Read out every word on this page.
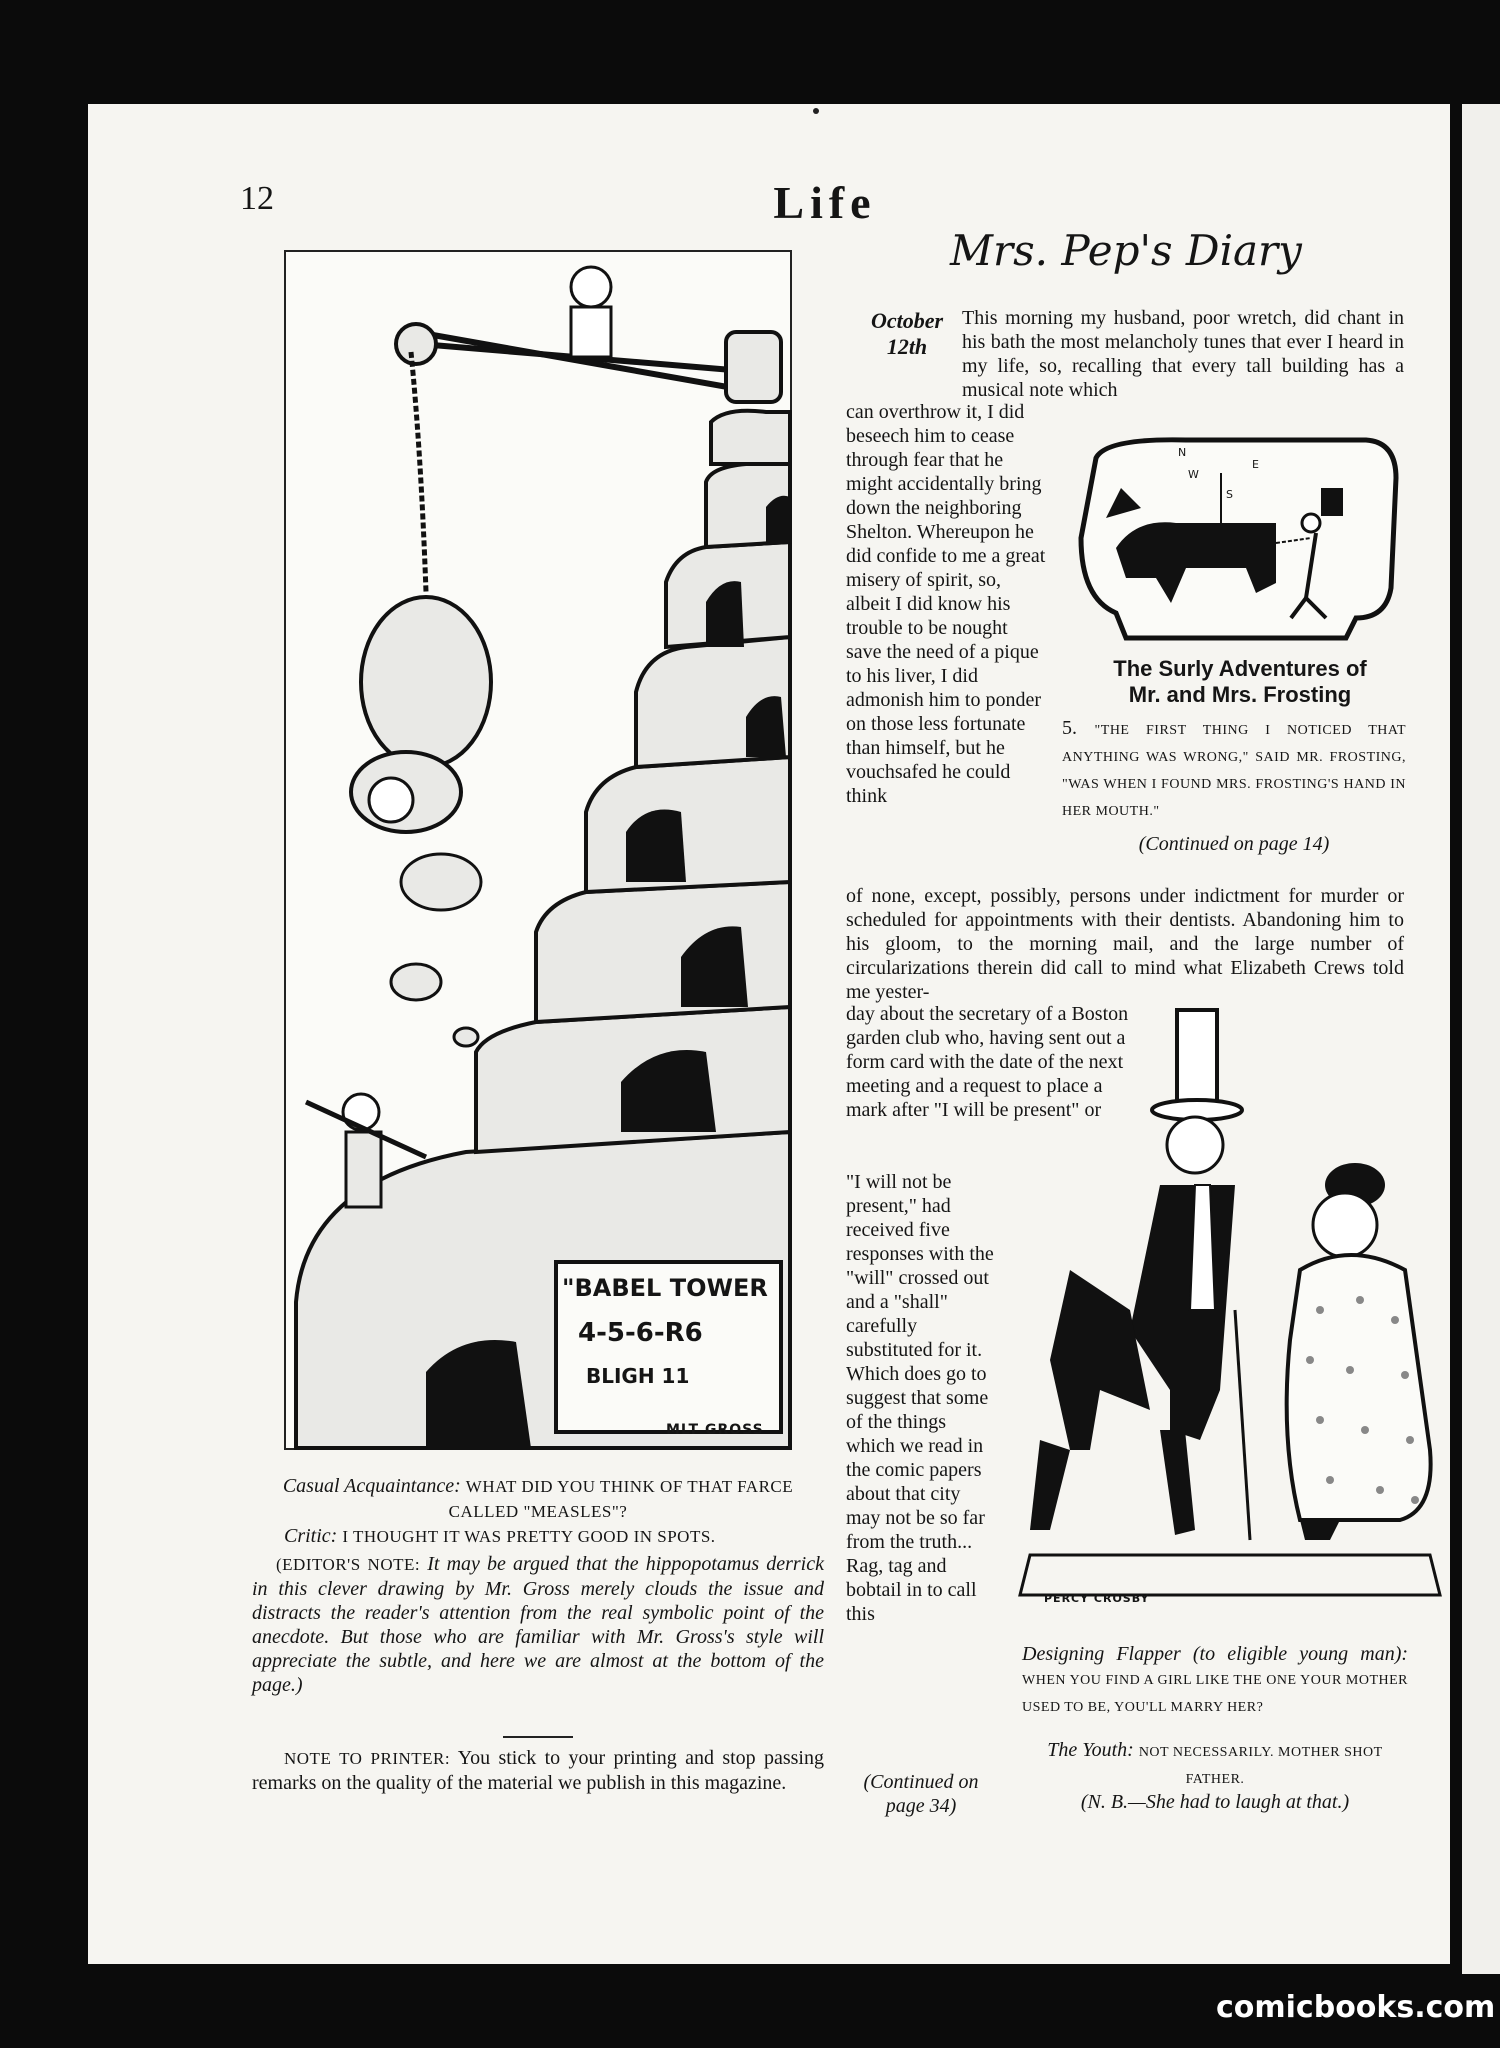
12	Life
"BABEL TOWER
4-5-6-R6
BLIGH 11
MLT GROSS
Casual Acquaintance: WHAT DID YOU THINK OF THAT FARCE CALLED "MEASLES"?
Critic: I THOUGHT IT WAS PRETTY GOOD IN SPOTS.
(EDITOR'S NOTE: It may be argued that the hippopotamus derrick in this clever drawing by Mr. Gross merely clouds the issue and distracts the reader's attention from the real symbolic point of the anecdote. But those who are familiar with Mr. Gross's style will appreciate the subtle, and here we are almost at the bottom of the page.)
NOTE TO PRINTER: You stick to your printing and stop passing remarks on the quality of the material we publish in this magazine.
Mrs. Pep's Diary
October
12th

This morning my husband, poor wretch, did chant in his bath the most melancholy tunes that ever I heard in my life, so, recalling that every tall building has a musical note which

can overthrow it, I did beseech him to cease through fear that he might accidentally bring down the neighboring Shelton. Whereupon he did confide to me a great misery of spirit, so, albeit I did know his trouble to be nought save the need of a pique to his liver, I did admonish him to ponder on those less fortunate than himself, but he vouchsafed he could think

of none, except, possibly, persons under indictment for murder or scheduled for appointments with their dentists. Abandoning him to his gloom, to the morning mail, and the large number of circularizations therein did call to mind what Elizabeth Crews told me yester-

day about the secretary of a Boston garden club who, having sent out a form card with the date of the next meeting and a request to place a mark after "I will be present" or

"I will not be present," had received five responses with the "will" crossed out and a "shall" carefully substituted for it. Which does go to suggest that some of the things which we read in the comic papers about that city may not be so far from the truth... Rag, tag and bobtail in to call this

(Continued on page 34)
N
E
W
S
The Surly Adventures of
Mr. and Mrs. Frosting
5. "THE FIRST THING I NOTICED THAT ANYTHING WAS WRONG," SAID MR. FROSTING, "WAS WHEN I FOUND MRS. FROSTING'S HAND IN HER MOUTH."
(Continued on page 14)
PERCY CROSBY
Designing Flapper (to eligible young man): WHEN YOU FIND A GIRL LIKE THE ONE YOUR MOTHER USED TO BE, YOU'LL MARRY HER?
The Youth: NOT NECESSARILY. MOTHER SHOT FATHER.
(N. B.—She had to laugh at that.)
comicbooks.com
